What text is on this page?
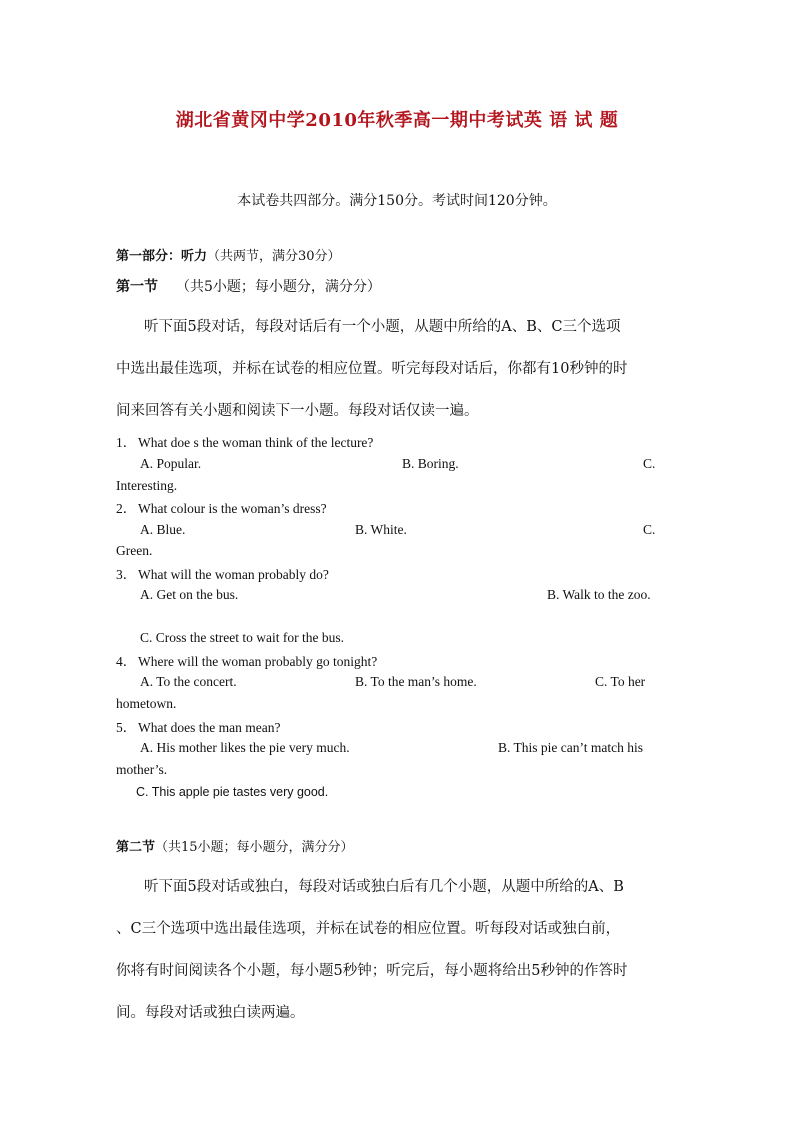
湖北省黄冈中学2010年秋季高一期中考试英 语 试 题
本试卷共四部分。满分150分。考试时间120分钟。
第一部分：听力（共两节，满分30分）
第一节 （共5小题；每小题分，满分分）
听下面5段对话，每段对话后有一个小题，从题中所给的A、B、C三个选项
中选出最佳选项，并标在试卷的相应位置。听完每段对话后，你都有10秒钟的时
间来回答有关小题和阅读下一小题。每段对话仅读一遍。
1． What doe s the woman think of the lecture?
A. Popular.	B. Boring.	C.
Interesting.
2． What colour is the woman’s dress?
A. Blue.	B. White.	C.
Green.
3． What will the woman probably do?
A. Get on the bus.	B. Walk to the zoo.
C. Cross the street to wait for the bus.
4． Where will the woman probably go tonight?
A. To the concert.	B. To the man’s home.	C. To her
hometown.
5． What does the man mean?
A. His mother likes the pie very much.	B. This pie can’t match his
mother’s.
C. This apple pie tastes very good.
第二节（共15小题；每小题分，满分分）
听下面5段对话或独白，每段对话或独白后有几个小题，从题中所给的A、B
、C三个选项中选出最佳选项，并标在试卷的相应位置。听每段对话或独白前，
你将有时间阅读各个小题，每小题5秒钟；听完后，每小题将给出5秒钟的作答时
间。每段对话或独白读两遍。
